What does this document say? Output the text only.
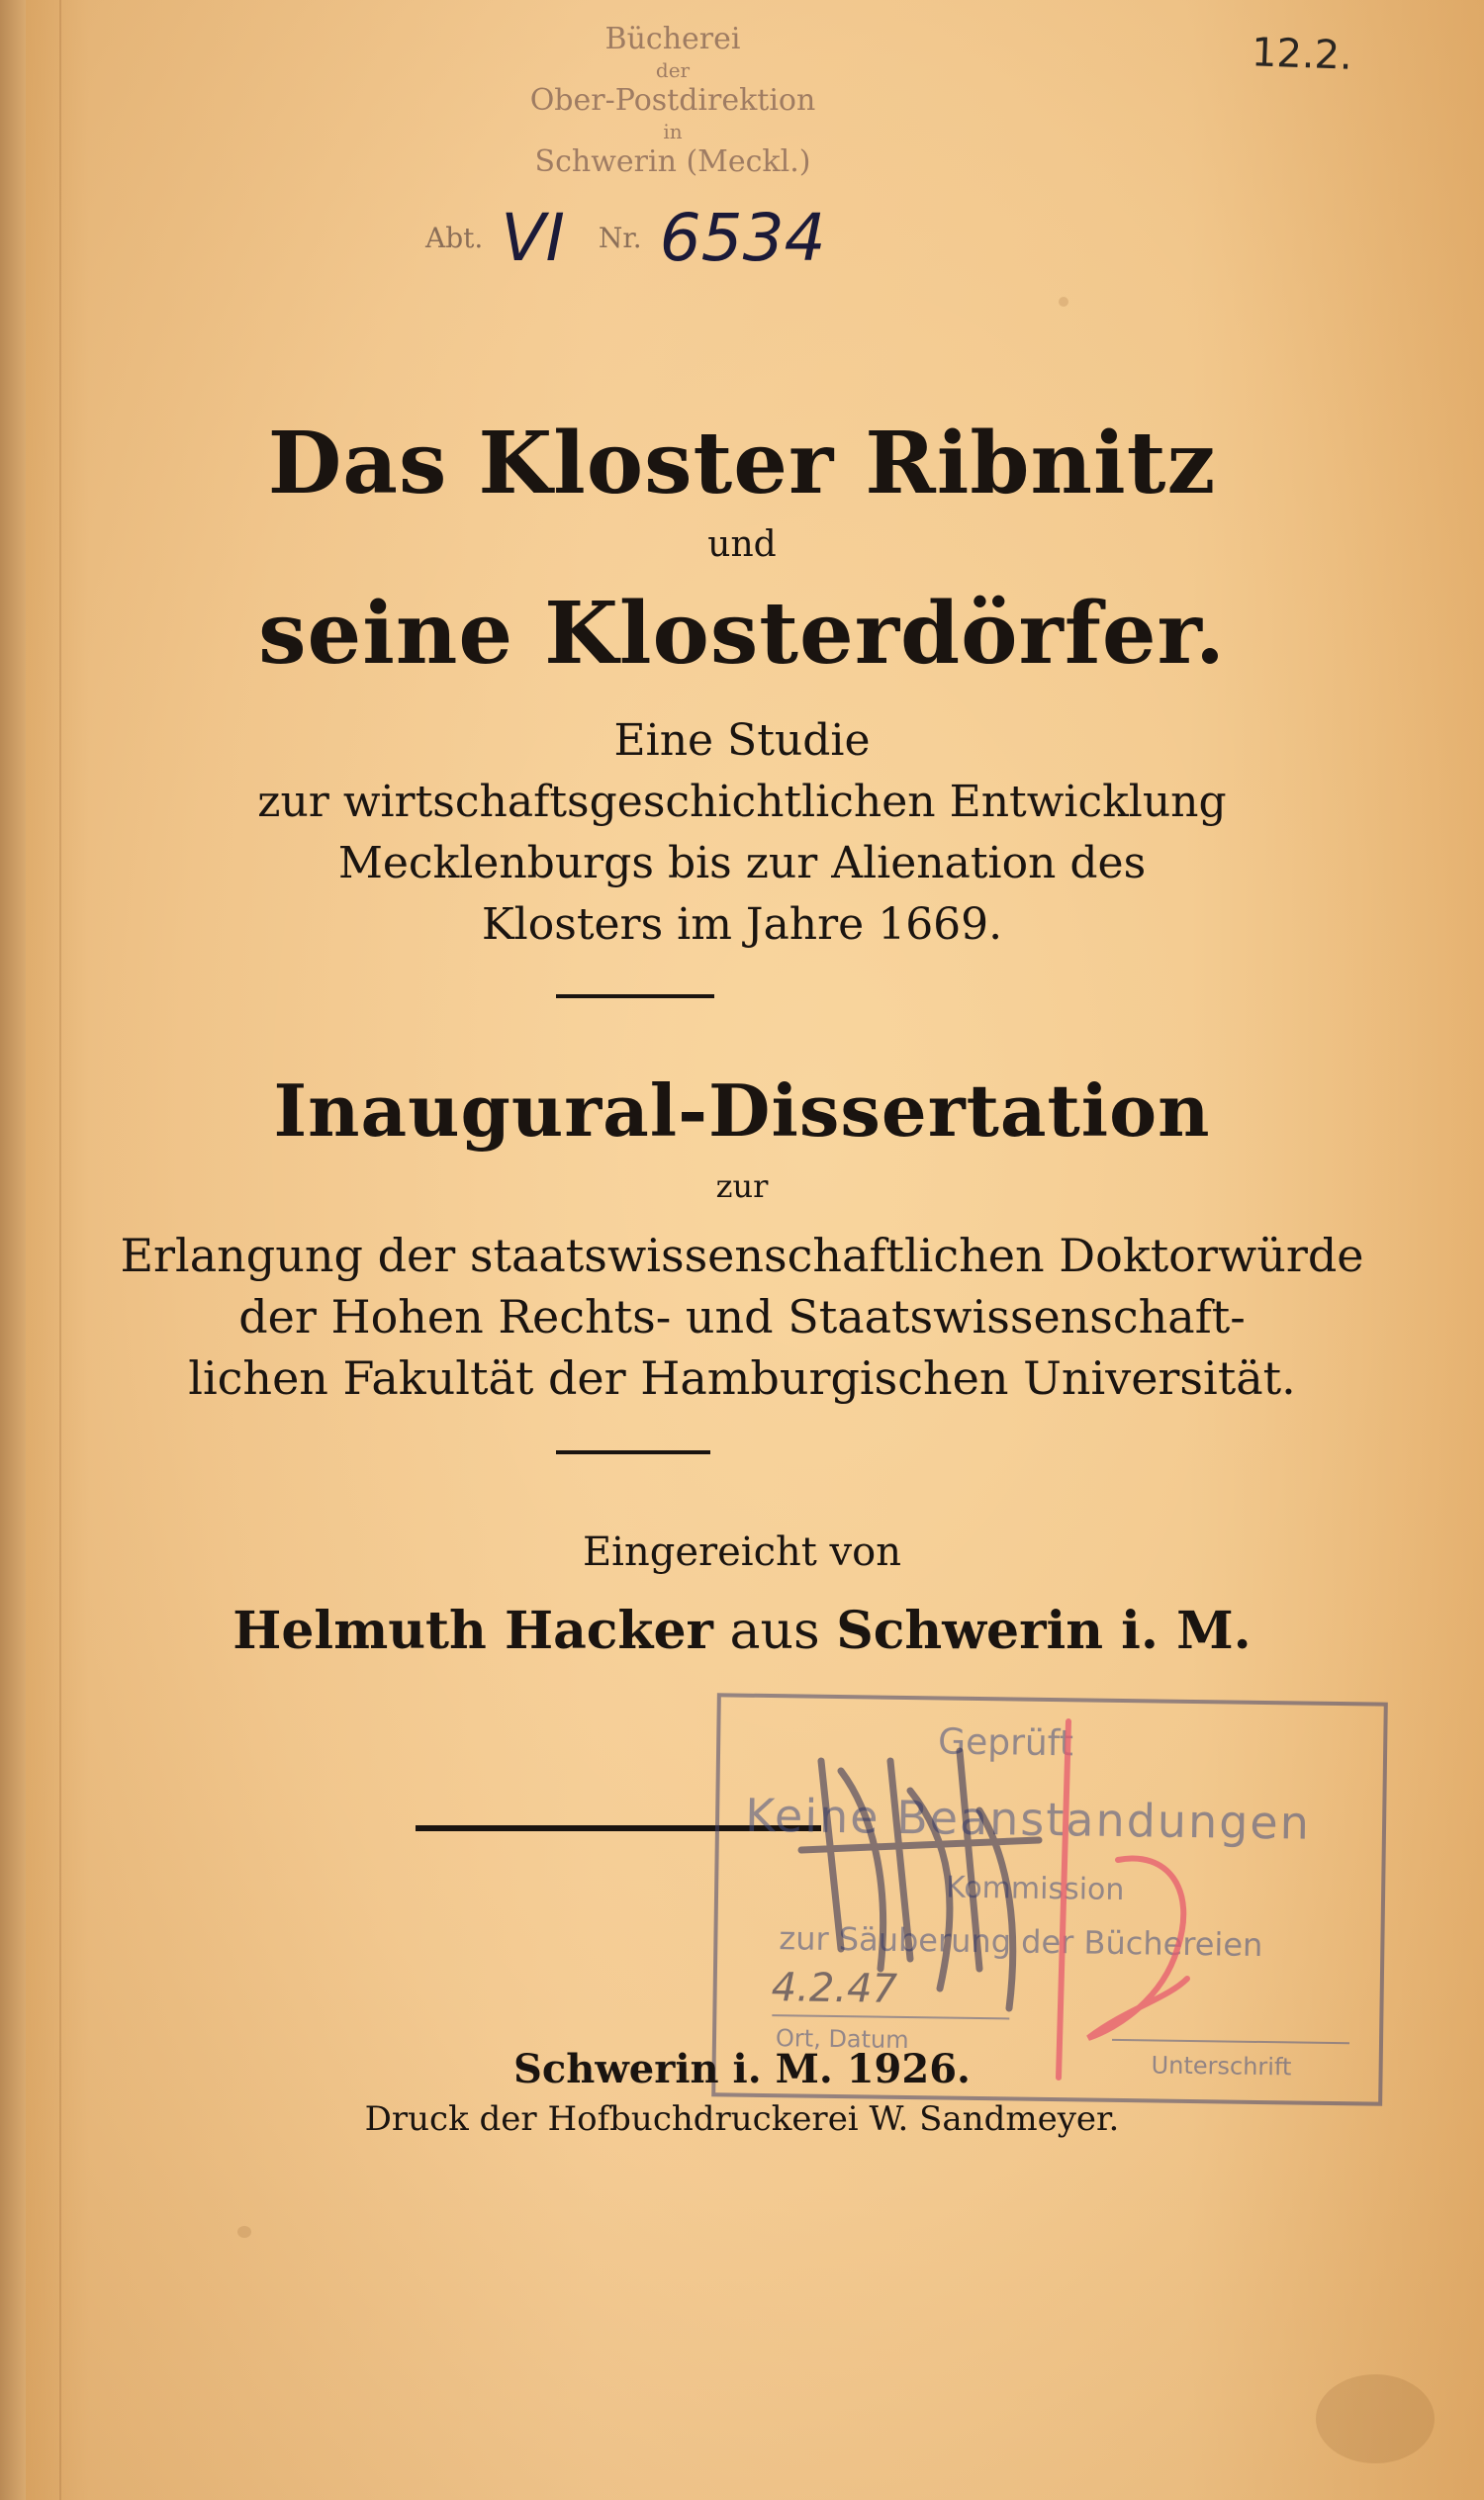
12.2.
Bücherei
der
Ober-Postdirektion
in
Schwerin (Meckl.)
Abt. VI Nr. 6534
Das Kloster Ribnitz
und
seine Klosterdörfer.
Eine Studie
zur wirtschaftsgeschichtlichen Entwicklung
Mecklenburgs bis zur Alienation des
Klosters im Jahre 1669.
Inaugural-Dissertation
zur
Erlangung der staatswissenschaftlichen Doktorwürde
der Hohen Rechts- und Staatswissenschaft-
lichen Fakultät der Hamburgischen Universität.
Eingereicht von
Helmuth Hacker aus Schwerin i. M.
Geprüft
Keine Beanstandungen
Kommission
zur Säuberung der Büchereien
4.2.47
Ort, Datum
Unterschrift
Schwerin i. M. 1926.
Druck der Hofbuchdruckerei W. Sandmeyer.
